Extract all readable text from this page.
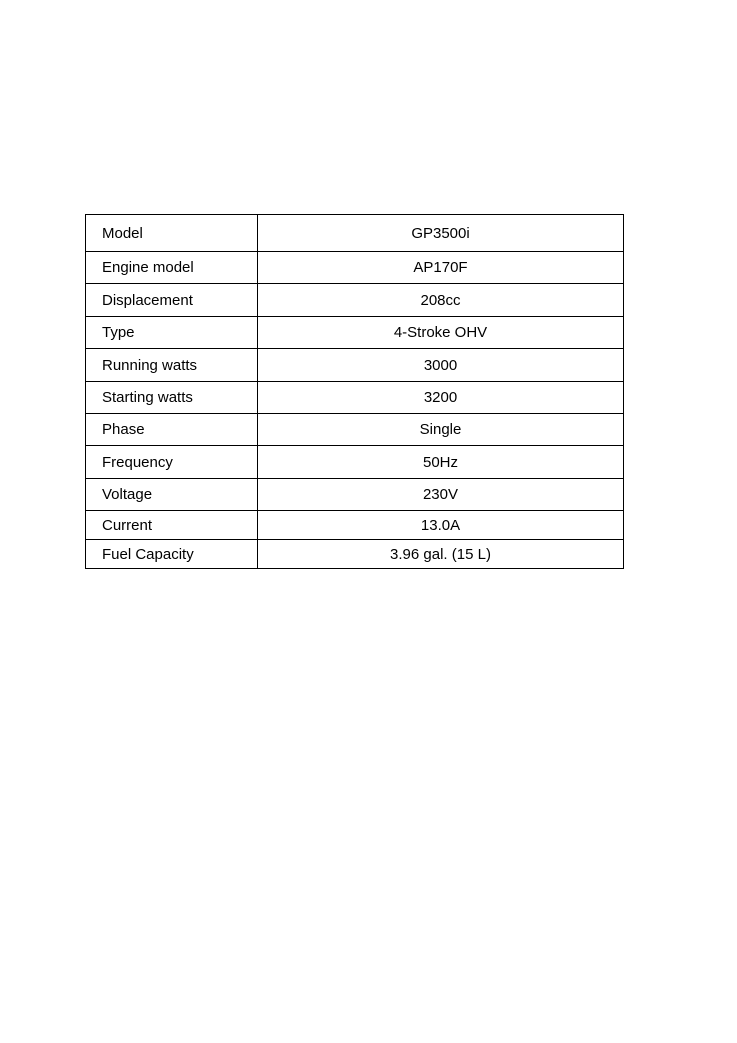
Model	GP3500i
Engine model	AP170F
Displacement	208cc
Type	4-Stroke OHV
Running watts	3000
Starting watts	3200
Phase	Single
Frequency	50Hz
Voltage	230V
Current	13.0A
Fuel Capacity	3.96 gal. (15 L)
